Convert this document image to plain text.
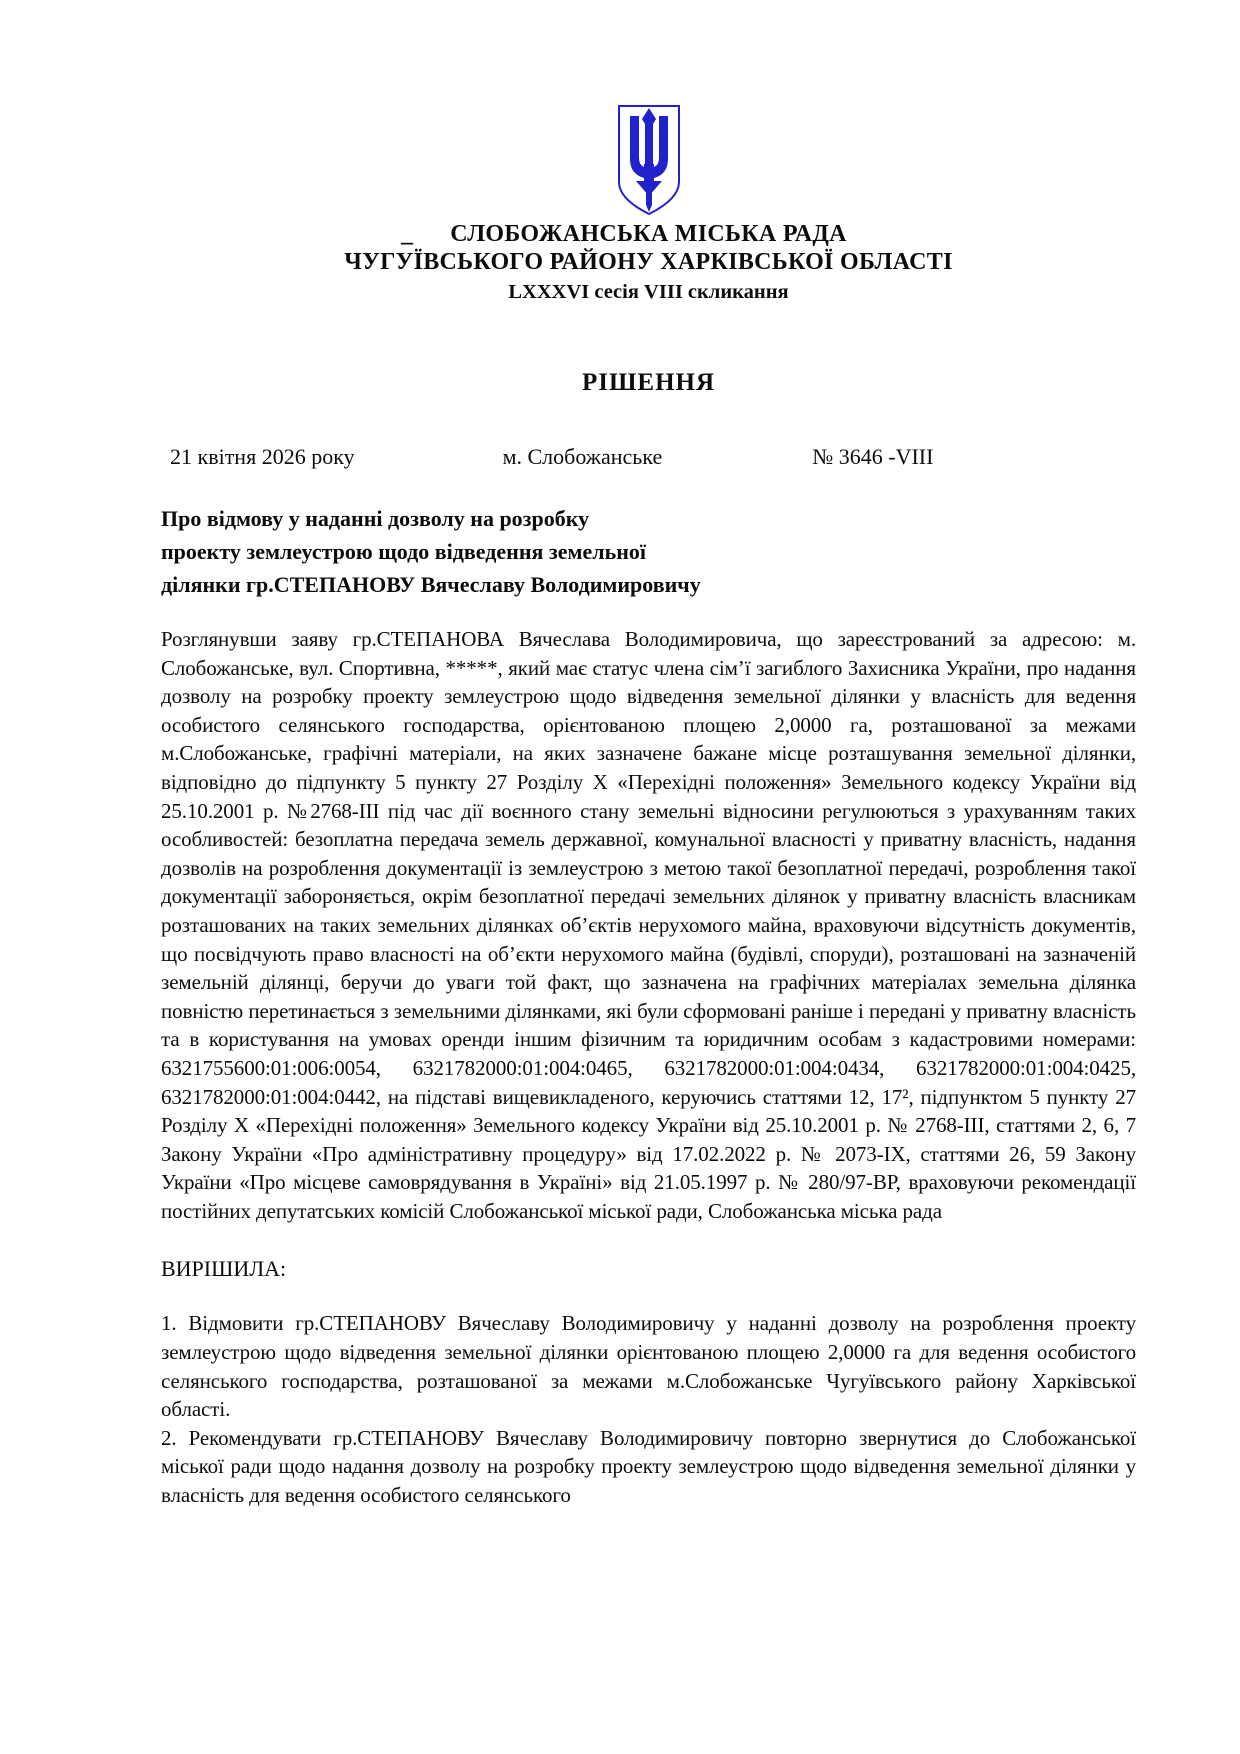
_	СЛОБОЖАНСЬКА МІСЬКА РАДА
ЧУГУЇВСЬКОГО РАЙОНУ ХАРКІВСЬКОЇ ОБЛАСТІ
LXXXVI сесія VIII скликання
РІШЕННЯ
21 квітня 2026 року	м. Слобожанське	№ 3646 -VIII
Про відмову у наданні дозволу на розробку
проекту землеустрою щодо відведення земельної
ділянки гр.СТЕПАНОВУ Вячеславу Володимировичу

Розглянувши заяву гр.СТЕПАНОВА Вячеслава Володимировича, що зареєстрований за адресою: м. Слобожанське, вул. Спортивна, *****, який має статус члена сім’ї загиблого Захисника України, про надання дозволу на розробку проекту землеустрою щодо відведення земельної ділянки у власність для ведення особистого селянського господарства, орієнтованою площею 2,0000 га, розташованої за межами м.Слобожанське, графічні матеріали, на яких зазначене бажане місце розташування земельної ділянки, відповідно до підпункту 5 пункту 27 Розділу X «Перехідні положення» Земельного кодексу України від 25.10.2001 р. №2768-III під час дії воєнного стану земельні відносини регулюються з урахуванням таких особливостей: безоплатна передача земель державної, комунальної власності у приватну власність, надання дозволів на розроблення документації із землеустрою з метою такої безоплатної передачі, розроблення такої документації забороняється, окрім безоплатної передачі земельних ділянок у приватну власність власникам розташованих на таких земельних ділянках об’єктів нерухомого майна, враховуючи відсутність документів, що посвідчують право власності на об’єкти нерухомого майна (будівлі, споруди), розташовані на зазначеній земельній ділянці, беручи до уваги той факт, що зазначена на графічних матеріалах земельна ділянка повністю перетинається з земельними ділянками, які були сформовані раніше і передані у приватну власність та в користування на умовах оренди іншим фізичним та юридичним особам з кадастровими номерами: 6321755600:01:006:0054, 6321782000:01:004:0465, 6321782000:01:004:0434, 6321782000:01:004:0425, 6321782000:01:004:0442, на підставі вищевикладеного, керуючись статтями 12, 17², підпунктом 5 пункту 27 Розділу X «Перехідні положення» Земельного кодексу України від 25.10.2001 р. № 2768-III, статтями 2, 6, 7 Закону України «Про адміністративну процедуру» від 17.02.2022 р. № 2073-IX, статтями 26, 59 Закону України «Про місцеве самоврядування в Україні» від 21.05.1997 р. № 280/97-ВР, враховуючи рекомендації постійних депутатських комісій Слобожанської міської ради, Слобожанська міська рада

ВИРІШИЛА:

1. Відмовити гр.СТЕПАНОВУ Вячеславу Володимировичу у наданні дозволу на розроблення проекту землеустрою щодо відведення земельної ділянки орієнтованою площею 2,0000 га для ведення особистого селянського господарства, розташованої за межами м.Слобожанське Чугуївського району Харківської області.

2. Рекомендувати гр.СТЕПАНОВУ Вячеславу Володимировичу повторно звернутися до Слобожанської міської ради щодо надання дозволу на розробку проекту землеустрою щодо відведення земельної ділянки у власність для ведення особистого селянського
